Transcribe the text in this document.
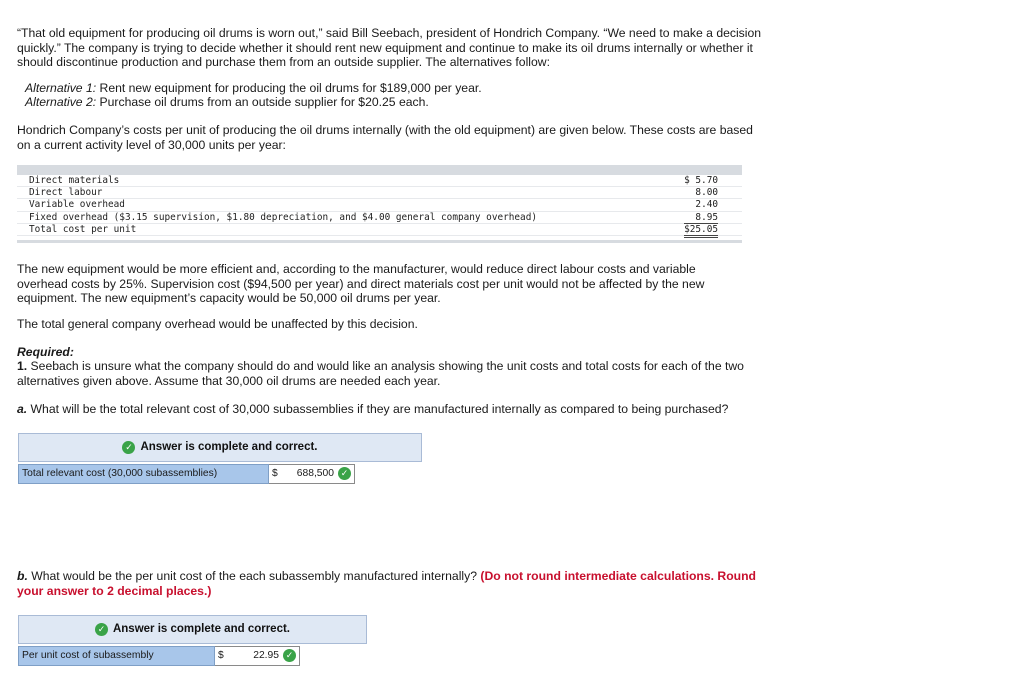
“That old equipment for producing oil drums is worn out,” said Bill Seebach, president of Hondrich Company. “We need to make a decision quickly.” The company is trying to decide whether it should rent new equipment and continue to make its oil drums internally or whether it should discontinue production and purchase them from an outside supplier. The alternatives follow:

Alternative 1: Rent new equipment for producing the oil drums for $189,000 per year.

Alternative 2: Purchase oil drums from an outside supplier for $20.25 each.

Hondrich Company’s costs per unit of producing the oil drums internally (with the old equipment) are given below. These costs are based on a current activity level of 30,000 units per year:

Direct materials	$ 5.70
Direct labour	8.00
Variable overhead	2.40
Fixed overhead ($3.15 supervision, $1.80 depreciation, and $4.00 general company overhead)	8.95
Total cost per unit	$25.05

The new equipment would be more efficient and, according to the manufacturer, would reduce direct labour costs and variable overhead costs by 25%. Supervision cost ($94,500 per year) and direct materials cost per unit would not be affected by the new equipment. The new equipment’s capacity would be 50,000 oil drums per year.

The total general company overhead would be unaffected by this decision.

Required:

1. Seebach is unsure what the company should do and would like an analysis showing the unit costs and total costs for each of the two alternatives given above. Assume that 30,000 oil drums are needed each year.

a. What will be the total relevant cost of 30,000 subassemblies if they are manufactured internally as compared to being purchased?

✓ Answer is complete and correct.
Total relevant cost (30,000 subassemblies)	$ 688,500 ✓

b. What would be the per unit cost of the each subassembly manufactured internally? (Do not round intermediate calculations. Round your answer to 2 decimal places.)

✓ Answer is complete and correct.
Per unit cost of subassembly	$	22.95 ✓
